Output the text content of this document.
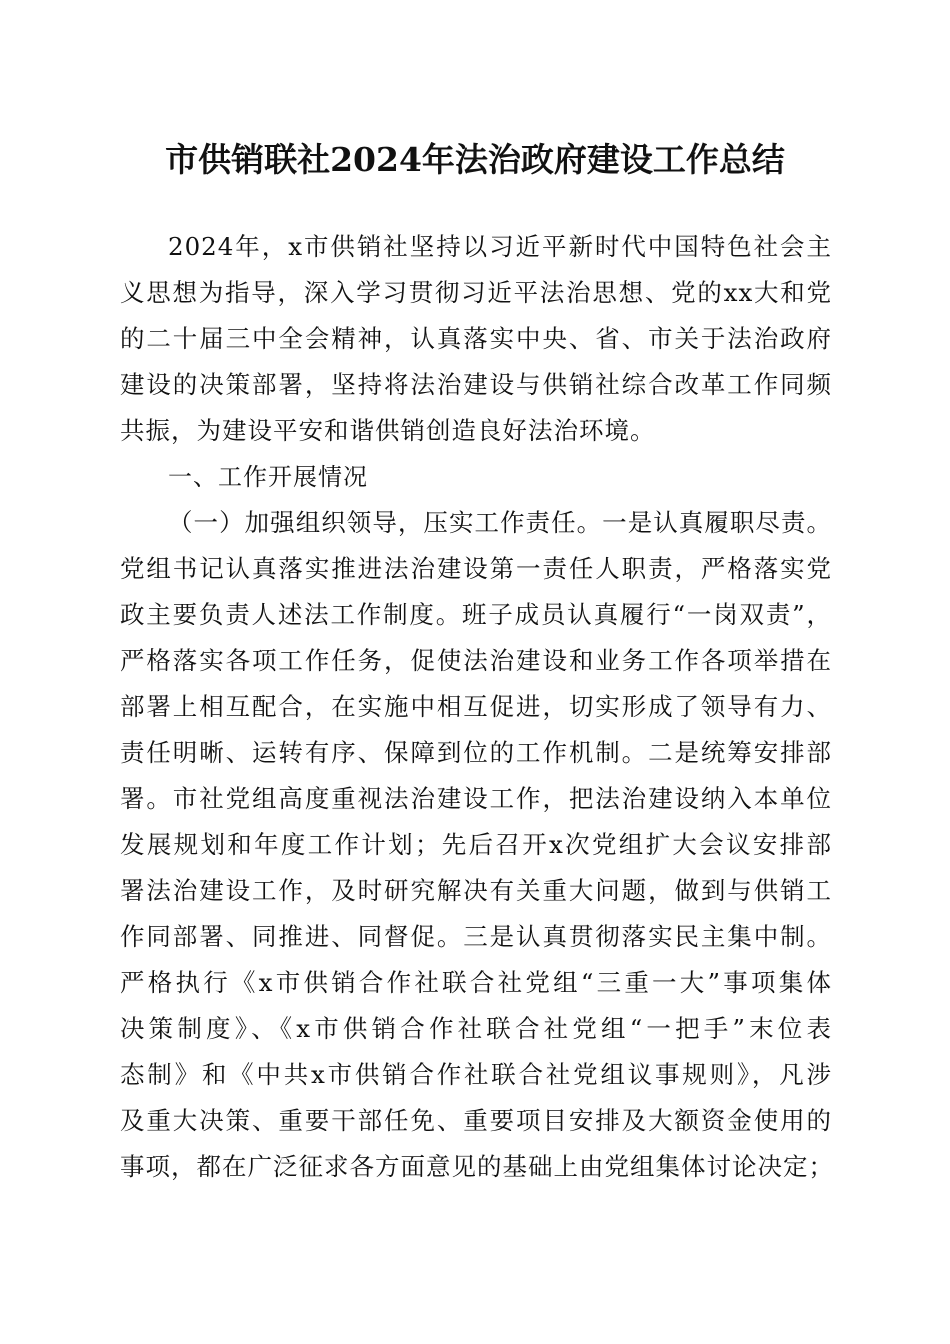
市供销联社2024年法治政府建设工作总结
2024年，x市供销社坚持以习近平新时代中国特色社会主
义思想为指导，深入学习贯彻习近平法治思想、党的xx大和党
的二十届三中全会精神，认真落实中央、省、市关于法治政府
建设的决策部署，坚持将法治建设与供销社综合改革工作同频
共振，为建设平安和谐供销创造良好法治环境。
一、工作开展情况
（一）加强组织领导，压实工作责任。一是认真履职尽责。
党组书记认真落实推进法治建设第一责任人职责，严格落实党
政主要负责人述法工作制度。班子成员认真履行“一岗双责”，
严格落实各项工作任务，促使法治建设和业务工作各项举措在
部署上相互配合，在实施中相互促进，切实形成了领导有力、
责任明晰、运转有序、保障到位的工作机制。二是统筹安排部
署。市社党组高度重视法治建设工作，把法治建设纳入本单位
发展规划和年度工作计划；先后召开x次党组扩大会议安排部
署法治建设工作，及时研究解决有关重大问题，做到与供销工
作同部署、同推进、同督促。三是认真贯彻落实民主集中制。
严格执行《x市供销合作社联合社党组“三重一大”事项集体
决策制度》、《x市供销合作社联合社党组“一把手”末位表
态制》和《中共x市供销合作社联合社党组议事规则》，凡涉
及重大决策、重要干部任免、重要项目安排及大额资金使用的
事项，都在广泛征求各方面意见的基础上由党组集体讨论决定；
